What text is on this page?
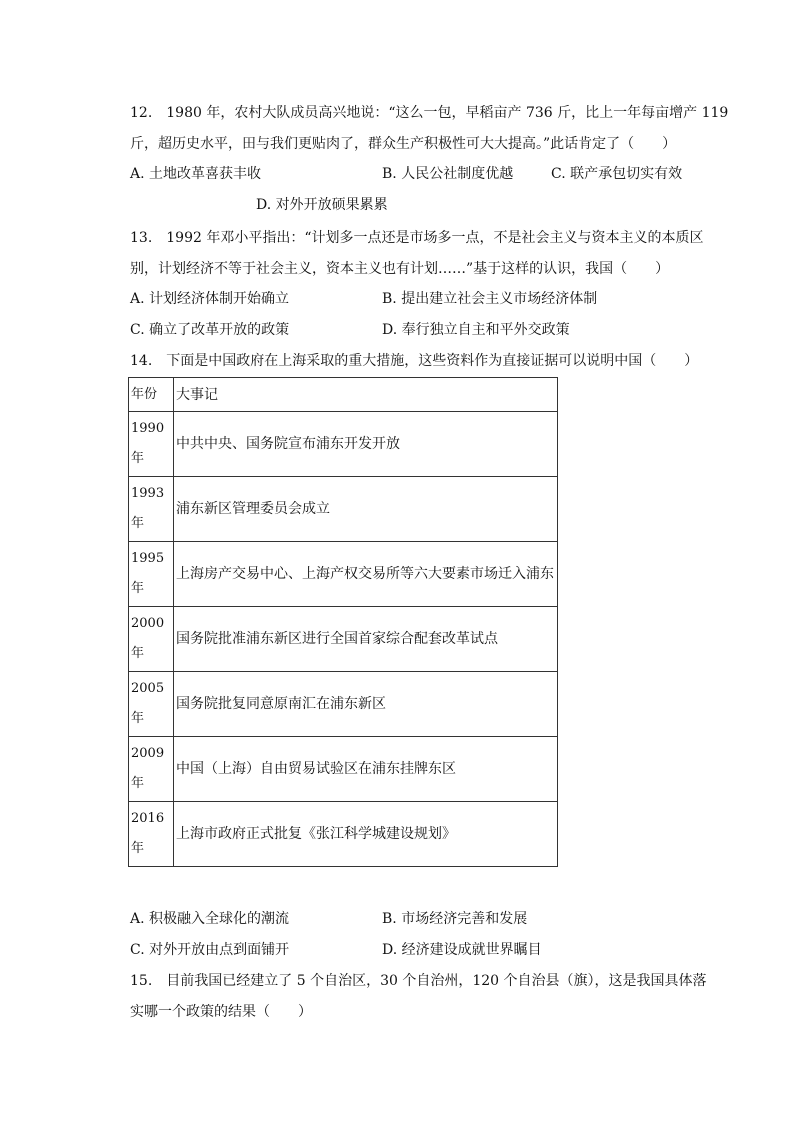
12.　1980 年，农村大队成员高兴地说：“这么一包，早稻亩产 736 斤，比上一年每亩增产 119
斤，超历史水平，田与我们更贴肉了，群众生产积极性可大大提高。”此话肯定了（　　）
A. 土地改革喜获丰收	B. 人民公社制度优越	C. 联产承包切实有效
D. 对外开放硕果累累
13.　1992 年邓小平指出：“计划多一点还是市场多一点，不是社会主义与资本主义的本质区
别，计划经济不等于社会主义，资本主义也有计划……”基于这样的认识，我国（　　）
A. 计划经济体制开始确立	B. 提出建立社会主义市场经济体制
C. 确立了改革开放的政策	D. 奉行独立自主和平外交政策
14.　下面是中国政府在上海采取的重大措施，这些资料作为直接证据可以说明中国（　　）
年份	大事记

1990
年	中共中央、国务院宣布浦东开发开放

1993
年	浦东新区管理委员会成立

1995
年	上海房产交易中心、上海产权交易所等六大要素市场迁入浦东

2000
年	国务院批准浦东新区进行全国首家综合配套改革试点

2005
年	国务院批复同意原南汇在浦东新区

2009
年	中国（上海）自由贸易试验区在浦东挂牌东区

2016
年	上海市政府正式批复《张江科学城建设规划》
A. 积极融入全球化的潮流	B. 市场经济完善和发展
C. 对外开放由点到面铺开	D. 经济建设成就世界瞩目
15.　目前我国已经建立了 5 个自治区，30 个自治州，120 个自治县（旗），这是我国具体落
实哪一个政策的结果（　　）
